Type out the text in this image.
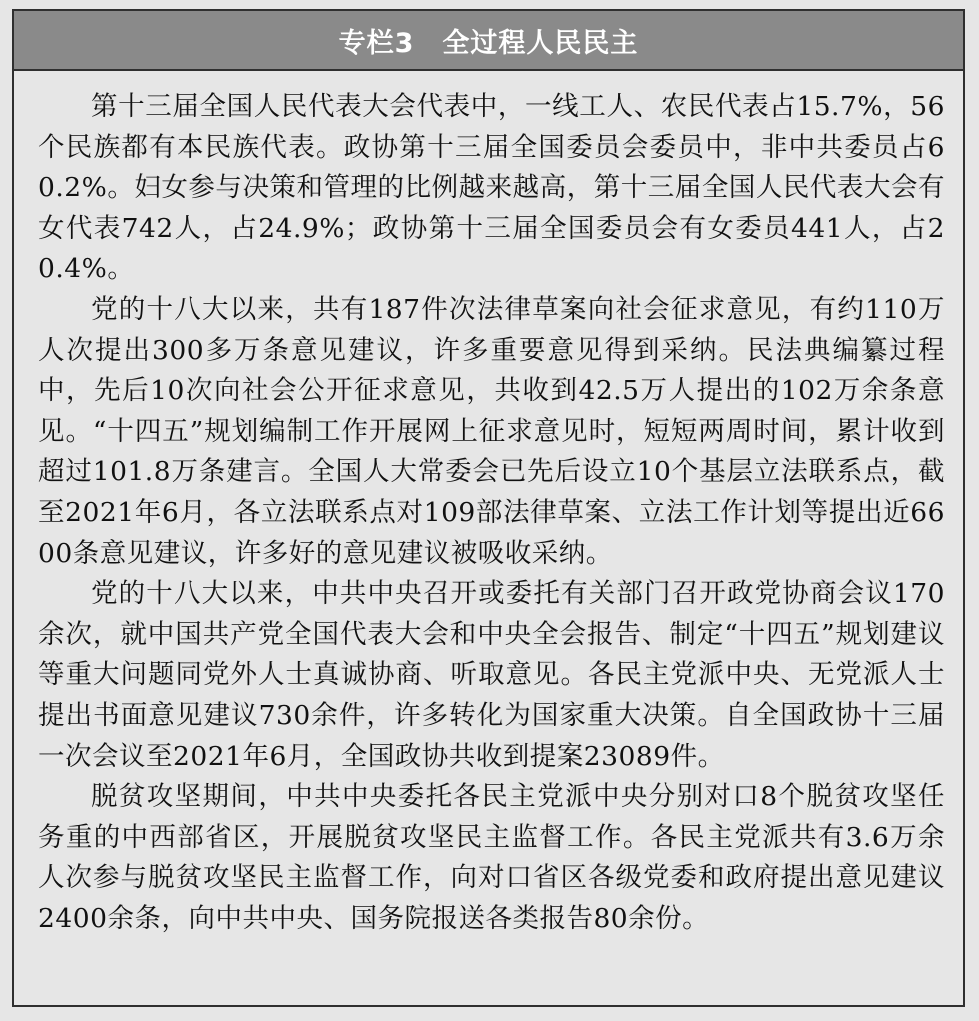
专栏3 全过程人民民主

第十三届全国人民代表大会代表中，一线工人、农民代表占15.7%，56个民族都有本民族代表。政协第十三届全国委员会委员中，非中共委员占60.2%。妇女参与决策和管理的比例越来越高，第十三届全国人民代表大会有女代表742人，占24.9%；政协第十三届全国委员会有女委员441人，占20.4%。

党的十八大以来，共有187件次法律草案向社会征求意见，有约110万人次提出300多万条意见建议，许多重要意见得到采纳。民法典编纂过程中，先后10次向社会公开征求意见，共收到42.5万人提出的102万余条意见。“十四五”规划编制工作开展网上征求意见时，短短两周时间，累计收到超过101.8万条建言。全国人大常委会已先后设立10个基层立法联系点，截至2021年6月，各立法联系点对109部法律草案、立法工作计划等提出近6600条意见建议，许多好的意见建议被吸收采纳。

党的十八大以来，中共中央召开或委托有关部门召开政党协商会议170余次，就中国共产党全国代表大会和中央全会报告、制定“十四五”规划建议等重大问题同党外人士真诚协商、听取意见。各民主党派中央、无党派人士提出书面意见建议730余件，许多转化为国家重大决策。自全国政协十三届一次会议至2021年6月，全国政协共收到提案23089件。

脱贫攻坚期间，中共中央委托各民主党派中央分别对口8个脱贫攻坚任务重的中西部省区，开展脱贫攻坚民主监督工作。各民主党派共有3.6万余人次参与脱贫攻坚民主监督工作，向对口省区各级党委和政府提出意见建议2400余条，向中共中央、国务院报送各类报告80余份。
